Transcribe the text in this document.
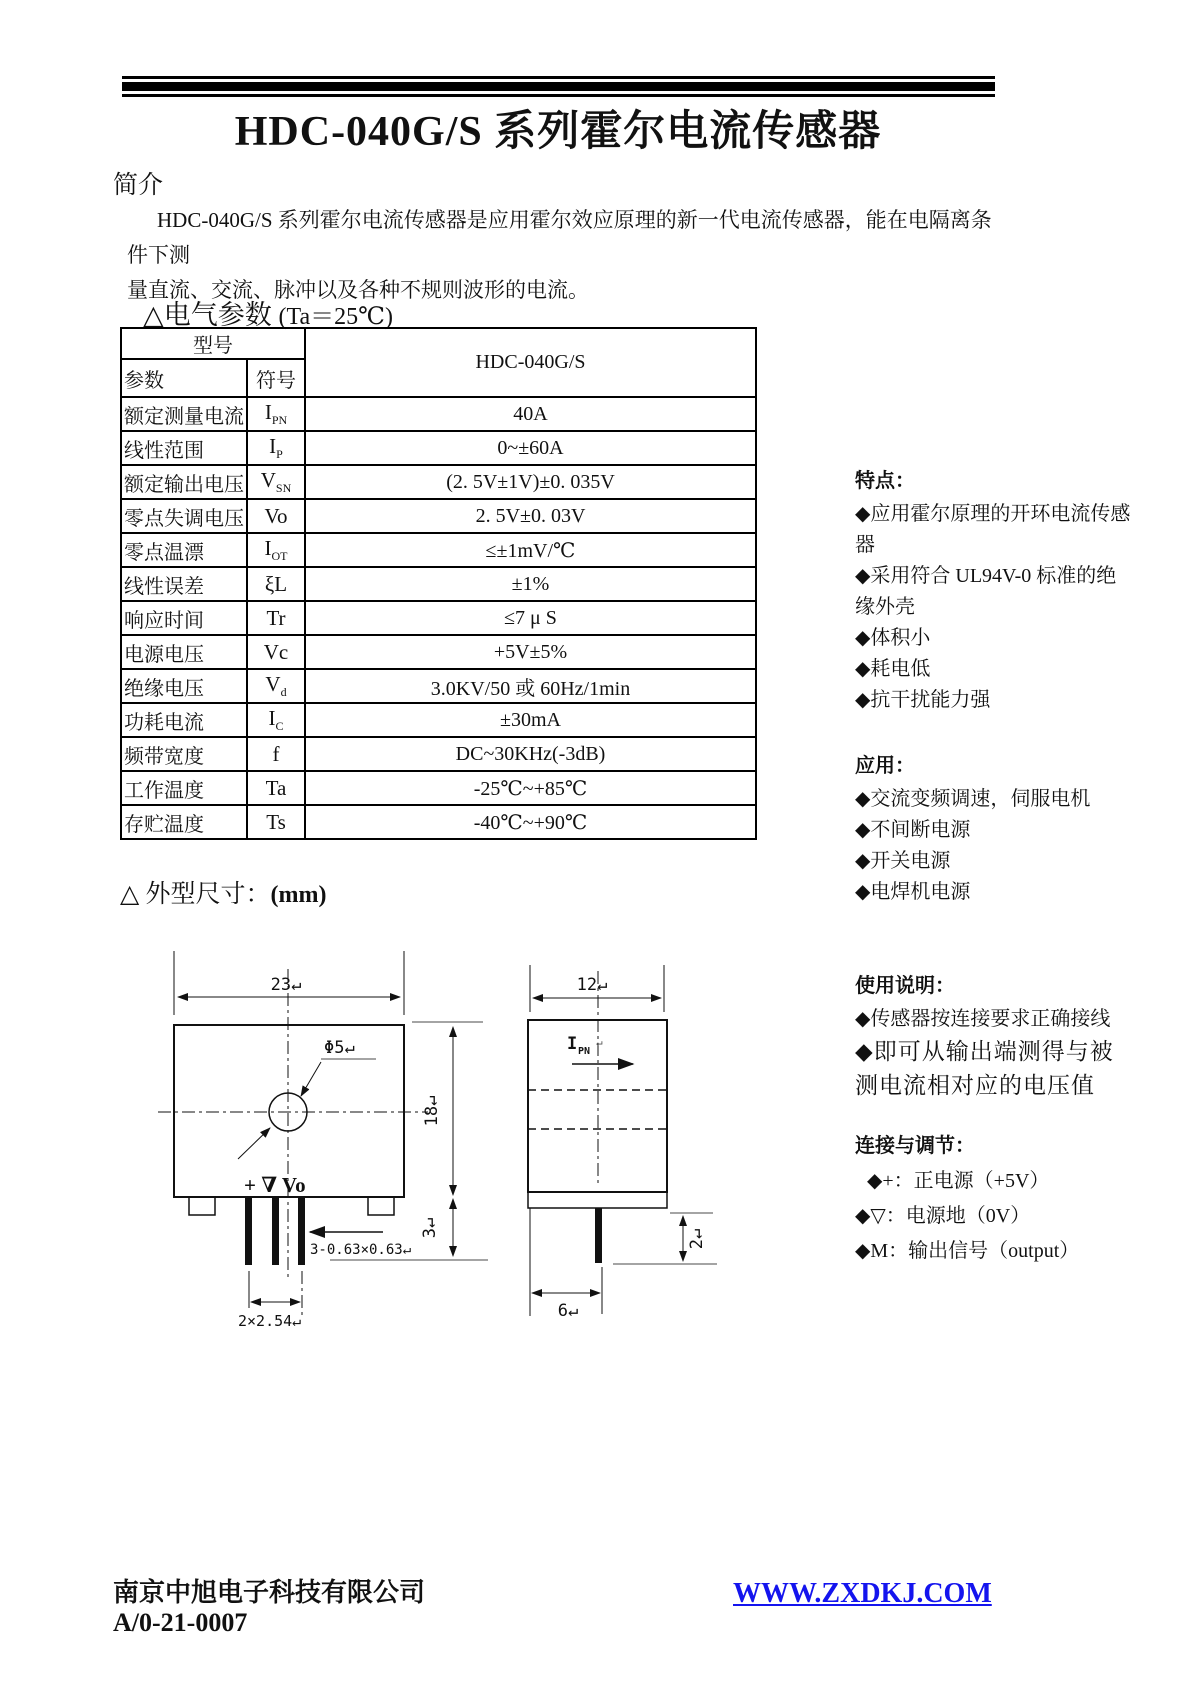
HDC-040G/S 系列霍尔电流传感器
简介
HDC-040G/S 系列霍尔电流传感器是应用霍尔效应原理的新一代电流传感器，能在电隔离条件下测
量直流、交流、脉冲以及各种不规则波形的电流。
△电气参数 (Ta＝25℃)
型号		HDC-040G/S
参数	符号	
额定测量电流	$I_{PN}$	40A
线性范围	$I_P$	0~±60A
额定输出电压	$V_{SN}$	(2. 5V±1V)±0. 035V
零点失调电压	Vo	2. 5V±0. 03V
零点温漂	$I_{OT}$	≤±1mV/℃
线性误差	ξL	±1%
响应时间	Tr	≤7 μ S
电源电压	Vc	+5V±5%
绝缘电压	$V_d$	3.0KV/50 或 60Hz/1min
功耗电流	$I_C$	±30mA
频带宽度	f	DC~30KHz(-3dB)
工作温度	Ta	-25℃~+85℃
存贮温度	Ts	-40℃~+90℃
特点：
◆应用霍尔原理的开环电流传感器
◆采用符合 UL94V-0 标准的绝缘外壳
◆体积小
◆耗电低
◆抗干扰能力强
应用：
◆交流变频调速，伺服电机
◆不间断电源
◆开关电源
◆电焊机电源
使用说明：
◆传感器按连接要求正确接线
◆即可从输出端测得与被测电流相对应的电压值
连接与调节：
◆+：正电源（+5V）
◆▽：电源地（0V）
◆M：输出信号（output）
△ 外型尺寸：(mm)
23↵
Φ5↵
+ ∇ Vo
18↵
3↵
3-0.63×0.63↵
2×2.54↵
12↵
I PN
↵
2↵
6↵
南京中旭电子科技有限公司
A/0-21-0007
WWW.ZXDKJ.COM
